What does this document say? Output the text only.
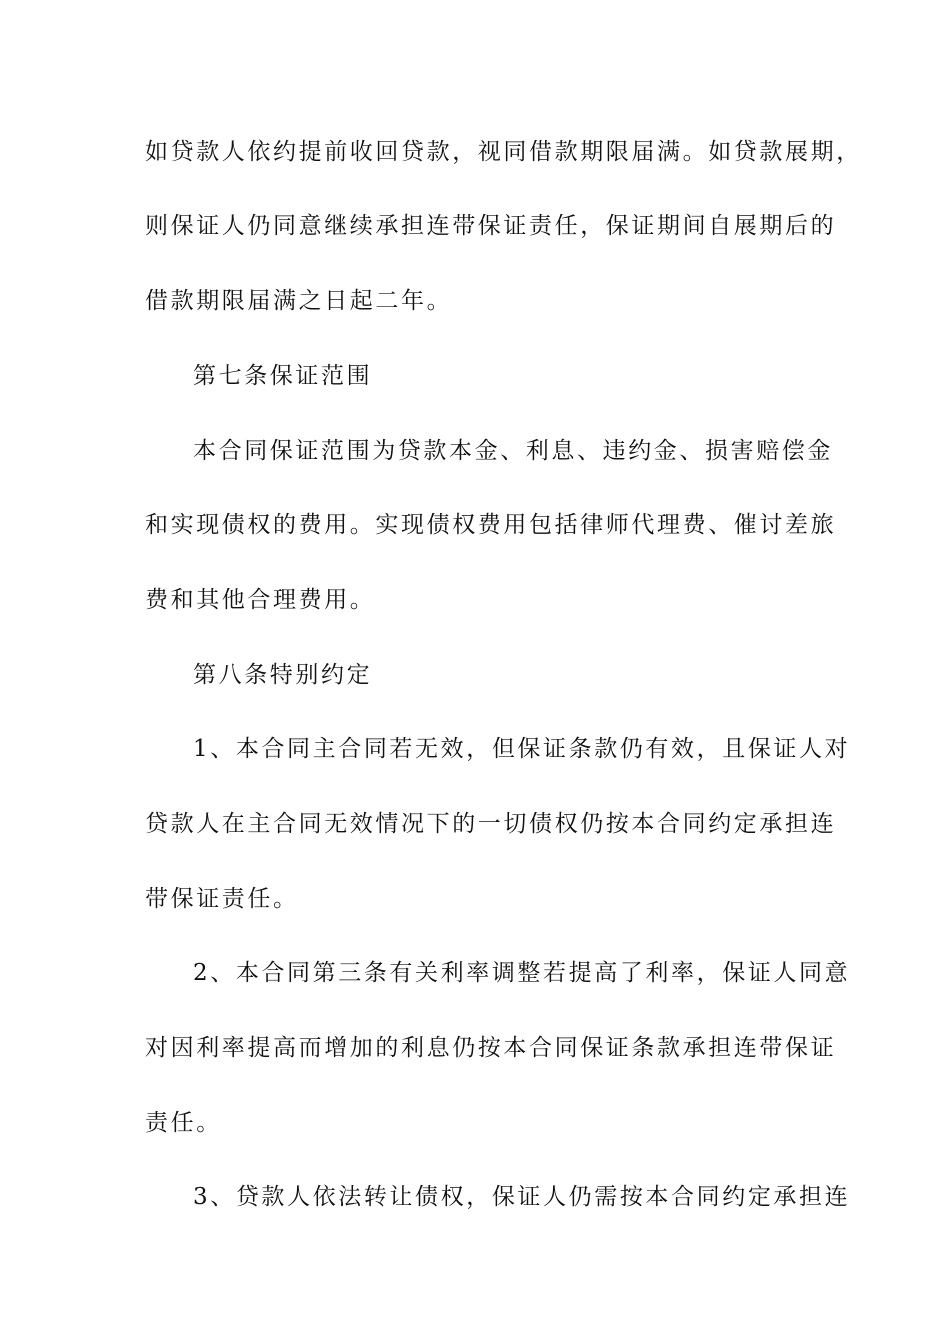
如贷款人依约提前收回贷款，视同借款期限届满。如贷款展期，
则保证人仍同意继续承担连带保证责任，保证期间自展期后的
借款期限届满之日起二年。
第七条保证范围
本合同保证范围为贷款本金、利息、违约金、损害赔偿金
和实现债权的费用。实现债权费用包括律师代理费、催讨差旅
费和其他合理费用。
第八条特别约定
1、本合同主合同若无效，但保证条款仍有效，且保证人对
贷款人在主合同无效情况下的一切债权仍按本合同约定承担连
带保证责任。
2、本合同第三条有关利率调整若提高了利率，保证人同意
对因利率提高而增加的利息仍按本合同保证条款承担连带保证
责任。
3、贷款人依法转让债权，保证人仍需按本合同约定承担连
